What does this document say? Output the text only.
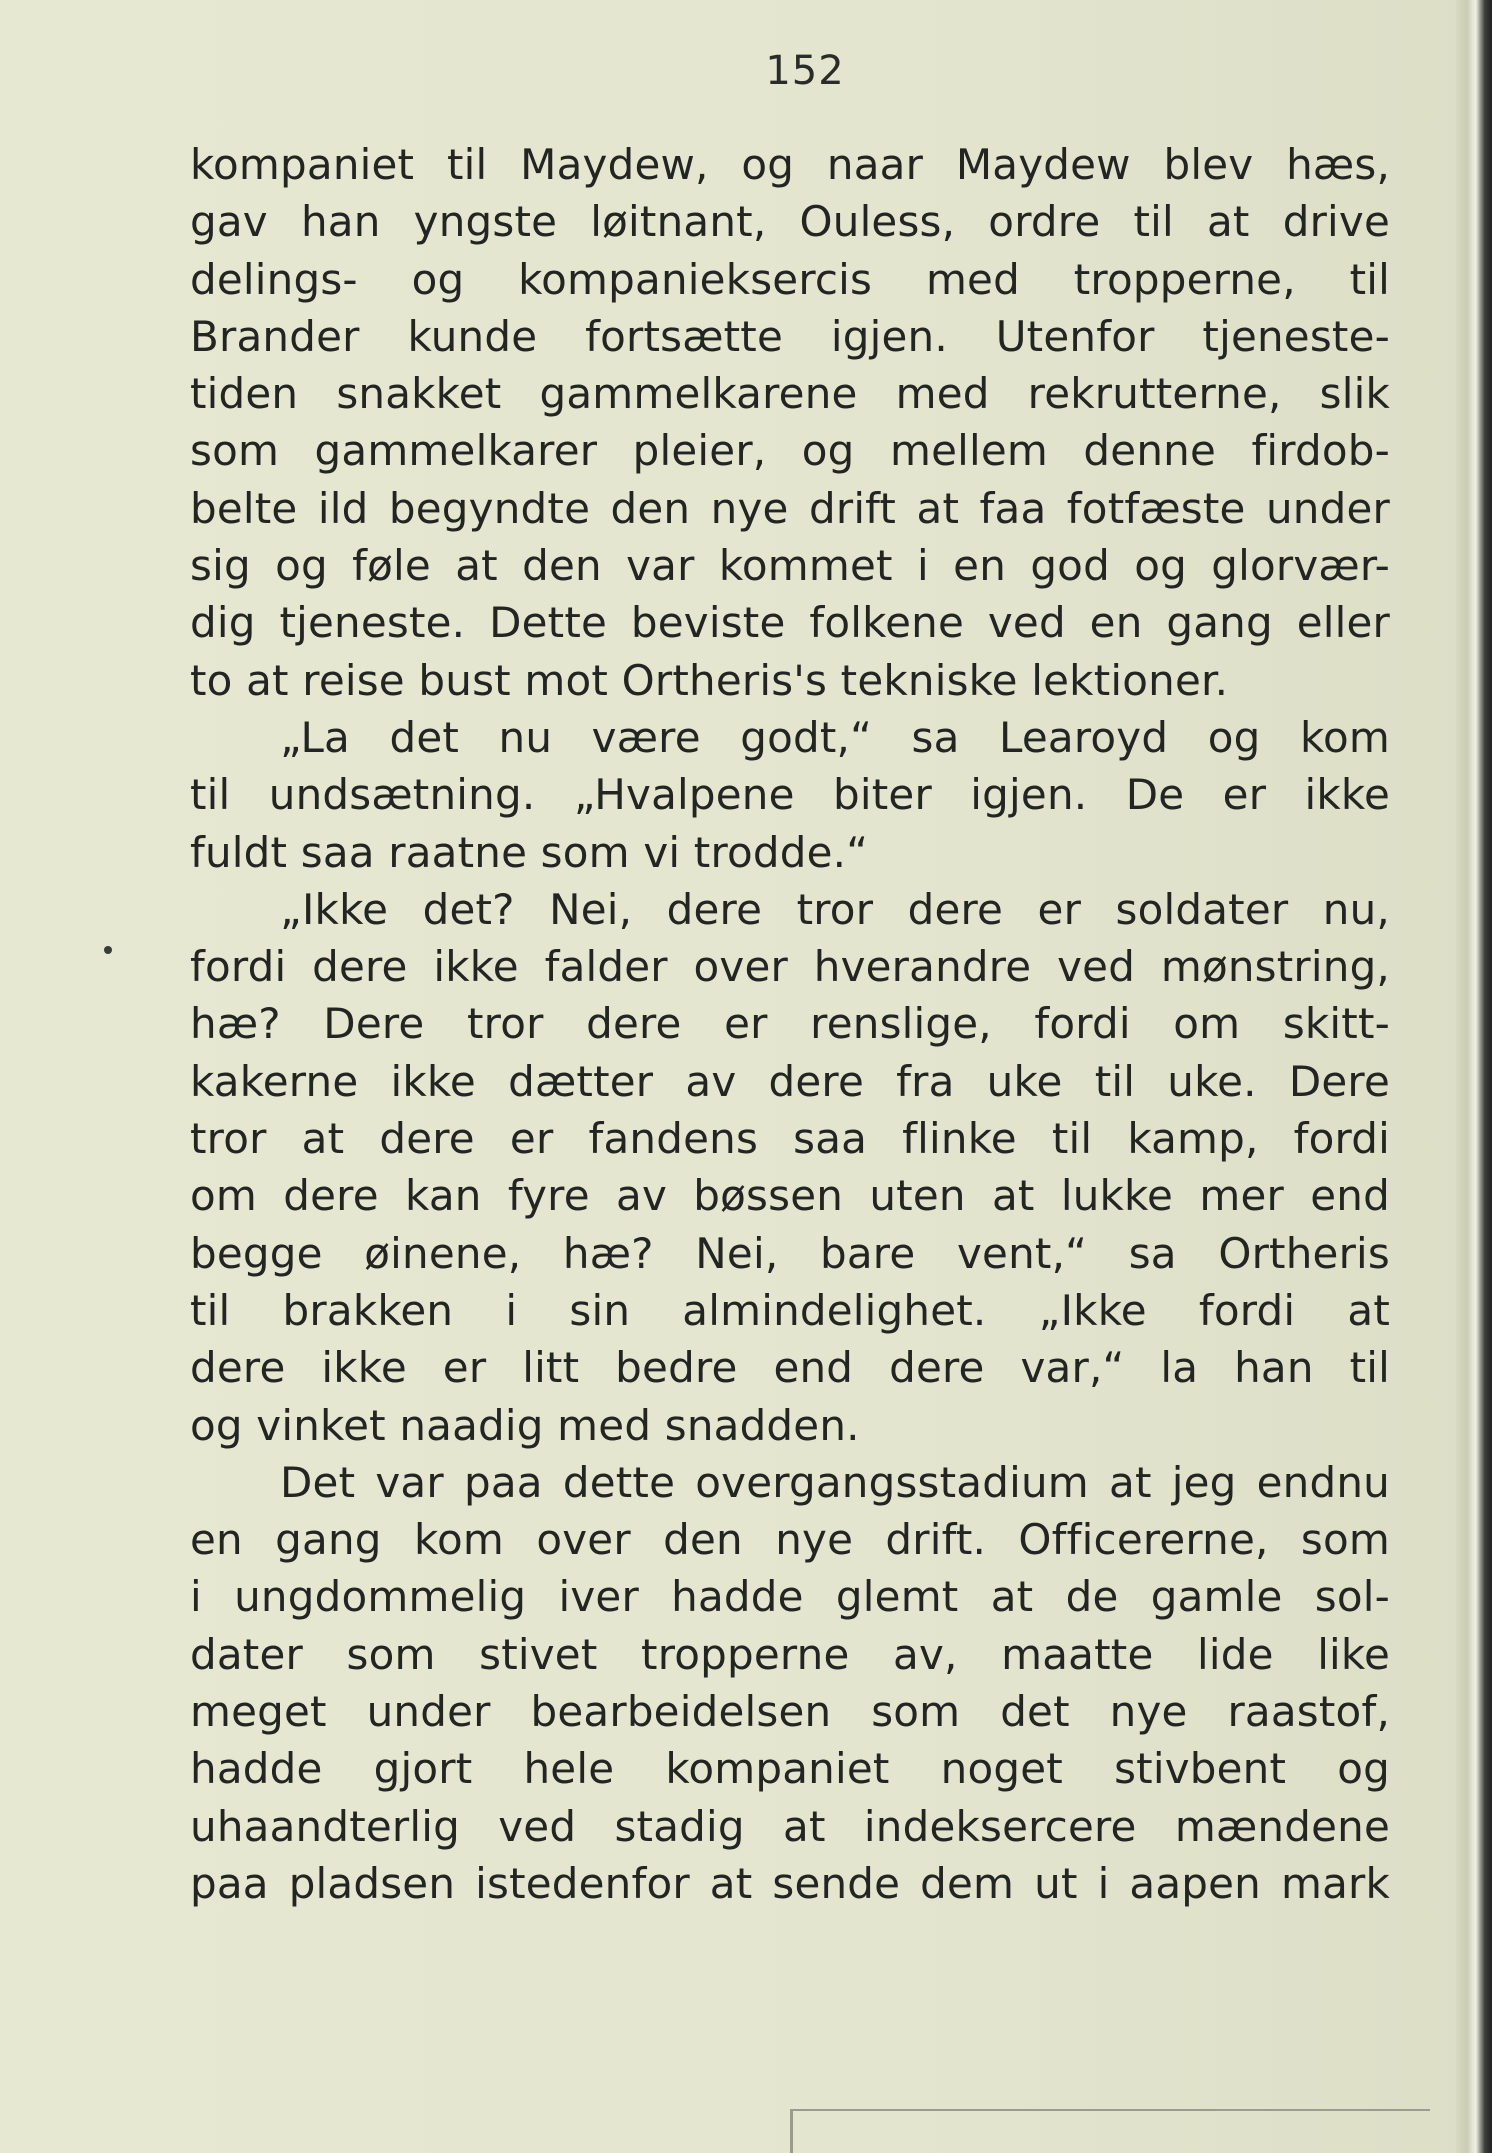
152
kompaniet til Maydew, og naar Maydew blev hæs,
gav han yngste løitnant, Ouless, ordre til at drive
delings- og kompanieksercis med tropperne, til
Brander kunde fortsætte igjen. Utenfor tjeneste-
tiden snakket gammelkarene med rekrutterne, slik
som gammelkarer pleier, og mellem denne firdob-
belte ild begyndte den nye drift at faa fotfæste under
sig og føle at den var kommet i en god og glorvær-
dig tjeneste. Dette beviste folkene ved en gang eller
to at reise bust mot Ortheris's tekniske lektioner.
„La det nu være godt,“ sa Learoyd og kom
til undsætning. „Hvalpene biter igjen. De er ikke
fuldt saa raatne som vi trodde.“
„Ikke det? Nei, dere tror dere er soldater nu,
fordi dere ikke falder over hverandre ved mønstring,
hæ? Dere tror dere er renslige, fordi om skitt-
kakerne ikke dætter av dere fra uke til uke. Dere
tror at dere er fandens saa flinke til kamp, fordi
om dere kan fyre av bøssen uten at lukke mer end
begge øinene, hæ? Nei, bare vent,“ sa Ortheris
til brakken i sin almindelighet. „Ikke fordi at
dere ikke er litt bedre end dere var,“ la han til
og vinket naadig med snadden.
Det var paa dette overgangsstadium at jeg endnu
en gang kom over den nye drift. Officererne, som
i ungdommelig iver hadde glemt at de gamle sol-
dater som stivet tropperne av, maatte lide like
meget under bearbeidelsen som det nye raastof,
hadde gjort hele kompaniet noget stivbent og
uhaandterlig ved stadig at indeksercere mændene
paa pladsen istedenfor at sende dem ut i aapen mark
